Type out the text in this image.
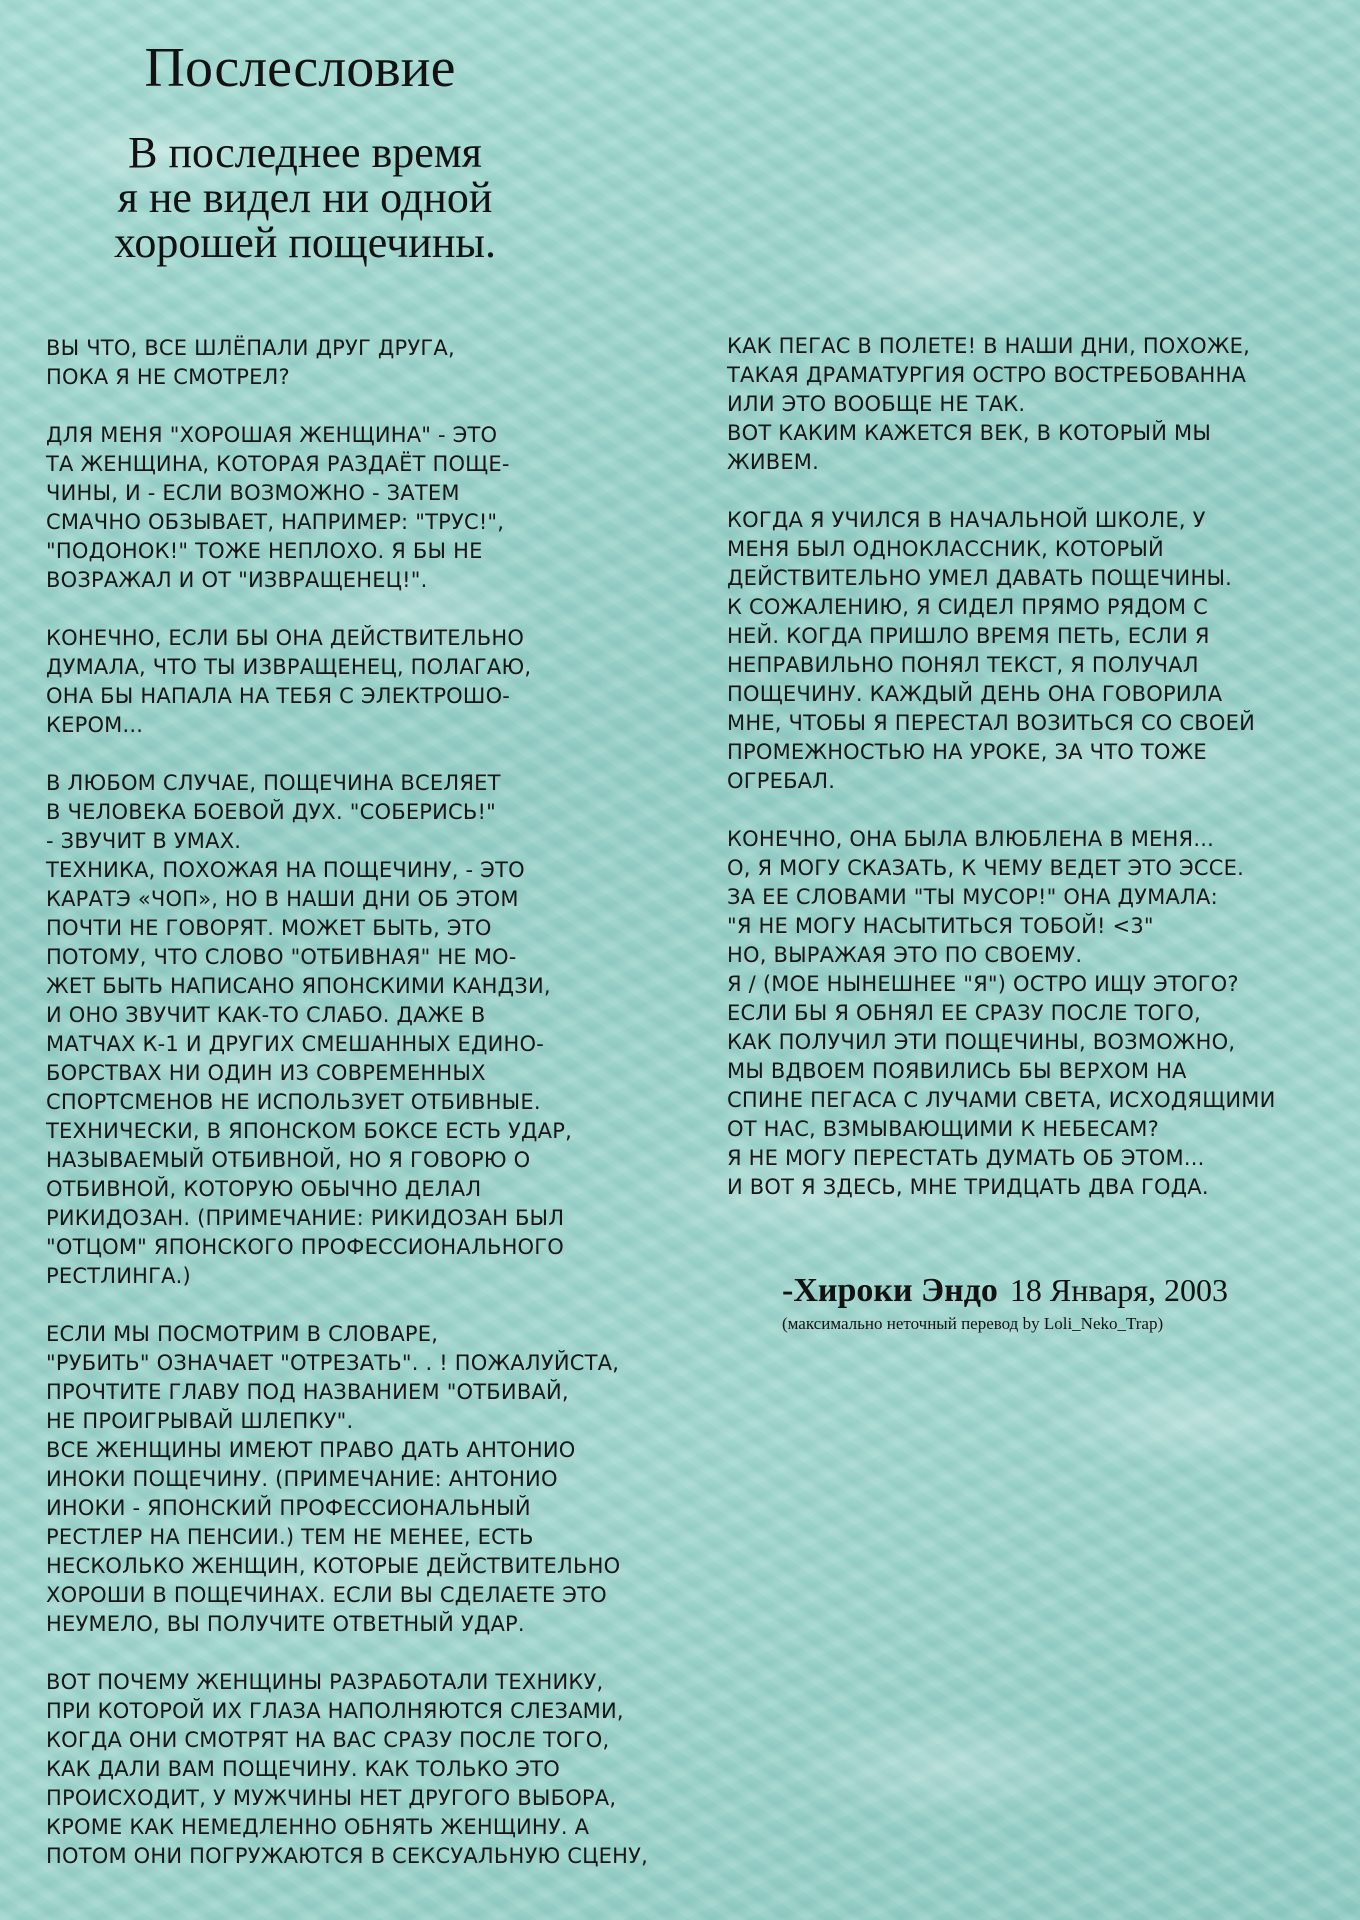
Послесловие
В последнее время
я не видел ни одной
хорошей пощечины.
ВЫ ЧТО, ВСЕ ШЛЁПАЛИ ДРУГ ДРУГА,
ПОКА Я НЕ СМОТРЕЛ?
ДЛЯ МЕНЯ "ХОРОШАЯ ЖЕНЩИНА" - ЭТО
ТА ЖЕНЩИНА, КОТОРАЯ РАЗДАЁТ ПОЩЕ-
ЧИНЫ, И - ЕСЛИ ВОЗМОЖНО - ЗАТЕМ
СМАЧНО ОБЗЫВАЕТ, НАПРИМЕР: "ТРУС!",
"ПОДОНОК!" ТОЖЕ НЕПЛОХО. Я БЫ НЕ
ВОЗРАЖАЛ И ОТ "ИЗВРАЩЕНЕЦ!".
КОНЕЧНО, ЕСЛИ БЫ ОНА ДЕЙСТВИТЕЛЬНО
ДУМАЛА, ЧТО ТЫ ИЗВРАЩЕНЕЦ, ПОЛАГАЮ,
ОНА БЫ НАПАЛА НА ТЕБЯ С ЭЛЕКТРОШО-
КЕРОМ...
В ЛЮБОМ СЛУЧАЕ, ПОЩЕЧИНА ВСЕЛЯЕТ
В ЧЕЛОВЕКА БОЕВОЙ ДУХ. "СОБЕРИСЬ!"
- ЗВУЧИТ В УМАХ.
ТЕХНИКА, ПОХОЖАЯ НА ПОЩЕЧИНУ, - ЭТО
КАРАТЭ «ЧОП», НО В НАШИ ДНИ ОБ ЭТОМ
ПОЧТИ НЕ ГОВОРЯТ. МОЖЕТ БЫТЬ, ЭТО
ПОТОМУ, ЧТО СЛОВО "ОТБИВНАЯ" НЕ МО-
ЖЕТ БЫТЬ НАПИСАНО ЯПОНСКИМИ КАНДЗИ,
И ОНО ЗВУЧИТ КАК-ТО СЛАБО. ДАЖЕ В
МАТЧАХ К-1 И ДРУГИХ СМЕШАННЫХ ЕДИНО-
БОРСТВАХ НИ ОДИН ИЗ СОВРЕМЕННЫХ
СПОРТСМЕНОВ НЕ ИСПОЛЬЗУЕТ ОТБИВНЫЕ.
ТЕХНИЧЕСКИ, В ЯПОНСКОМ БОКСЕ ЕСТЬ УДАР,
НАЗЫВАЕМЫЙ ОТБИВНОЙ, НО Я ГОВОРЮ О
ОТБИВНОЙ, КОТОРУЮ ОБЫЧНО ДЕЛАЛ
РИКИДОЗАН. (ПРИМЕЧАНИЕ: РИКИДОЗАН БЫЛ
"ОТЦОМ" ЯПОНСКОГО ПРОФЕССИОНАЛЬНОГО
РЕСТЛИНГА.)
ЕСЛИ МЫ ПОСМОТРИМ В СЛОВАРЕ,
"РУБИТЬ" ОЗНАЧАЕТ "ОТРЕЗАТЬ". . ! ПОЖАЛУЙСТА,
ПРОЧТИТЕ ГЛАВУ ПОД НАЗВАНИЕМ "ОТБИВАЙ,
НЕ ПРОИГРЫВАЙ ШЛЕПКУ".
ВСЕ ЖЕНЩИНЫ ИМЕЮТ ПРАВО ДАТЬ АНТОНИО
ИНОКИ ПОЩЕЧИНУ. (ПРИМЕЧАНИЕ: АНТОНИО
ИНОКИ - ЯПОНСКИЙ ПРОФЕССИОНАЛЬНЫЙ
РЕСТЛЕР НА ПЕНСИИ.) ТЕМ НЕ МЕНЕЕ, ЕСТЬ
НЕСКОЛЬКО ЖЕНЩИН, КОТОРЫЕ ДЕЙСТВИТЕЛЬНО
ХОРОШИ В ПОЩЕЧИНАХ. ЕСЛИ ВЫ СДЕЛАЕТЕ ЭТО
НЕУМЕЛО, ВЫ ПОЛУЧИТЕ ОТВЕТНЫЙ УДАР.
ВОТ ПОЧЕМУ ЖЕНЩИНЫ РАЗРАБОТАЛИ ТЕХНИКУ,
ПРИ КОТОРОЙ ИХ ГЛАЗА НАПОЛНЯЮТСЯ СЛЕЗАМИ,
КОГДА ОНИ СМОТРЯТ НА ВАС СРАЗУ ПОСЛЕ ТОГО,
КАК ДАЛИ ВАМ ПОЩЕЧИНУ. КАК ТОЛЬКО ЭТО
ПРОИСХОДИТ, У МУЖЧИНЫ НЕТ ДРУГОГО ВЫБОРА,
КРОМЕ КАК НЕМЕДЛЕННО ОБНЯТЬ ЖЕНЩИНУ. А
ПОТОМ ОНИ ПОГРУЖАЮТСЯ В СЕКСУАЛЬНУЮ СЦЕНУ,
КАК ПЕГАС В ПОЛЕТЕ! В НАШИ ДНИ, ПОХОЖЕ,
ТАКАЯ ДРАМАТУРГИЯ ОСТРО ВОСТРЕБОВАННА
ИЛИ ЭТО ВООБЩЕ НЕ ТАК.
ВОТ КАКИМ КАЖЕТСЯ ВЕК, В КОТОРЫЙ МЫ
ЖИВЕМ.
КОГДА Я УЧИЛСЯ В НАЧАЛЬНОЙ ШКОЛЕ, У
МЕНЯ БЫЛ ОДНОКЛАССНИК, КОТОРЫЙ
ДЕЙСТВИТЕЛЬНО УМЕЛ ДАВАТЬ ПОЩЕЧИНЫ.
К СОЖАЛЕНИЮ, Я СИДЕЛ ПРЯМО РЯДОМ С
НЕЙ. КОГДА ПРИШЛО ВРЕМЯ ПЕТЬ, ЕСЛИ Я
НЕПРАВИЛЬНО ПОНЯЛ ТЕКСТ, Я ПОЛУЧАЛ
ПОЩЕЧИНУ. КАЖДЫЙ ДЕНЬ ОНА ГОВОРИЛА
МНЕ, ЧТОБЫ Я ПЕРЕСТАЛ ВОЗИТЬСЯ СО СВОЕЙ
ПРОМЕЖНОСТЬЮ НА УРОКЕ, ЗА ЧТО ТОЖЕ
ОГРЕБАЛ.
КОНЕЧНО, ОНА БЫЛА ВЛЮБЛЕНА В МЕНЯ...
О, Я МОГУ СКАЗАТЬ, К ЧЕМУ ВЕДЕТ ЭТО ЭССЕ.
ЗА ЕЕ СЛОВАМИ "ТЫ МУСОР!" ОНА ДУМАЛА:
"Я НЕ МОГУ НАСЫТИТЬСЯ ТОБОЙ! <3"
НО, ВЫРАЖАЯ ЭТО ПО СВОЕМУ.
Я / (МОЕ НЫНЕШНЕЕ "Я") ОСТРО ИЩУ ЭТОГО?
ЕСЛИ БЫ Я ОБНЯЛ ЕЕ СРАЗУ ПОСЛЕ ТОГО,
КАК ПОЛУЧИЛ ЭТИ ПОЩЕЧИНЫ, ВОЗМОЖНО,
МЫ ВДВОЕМ ПОЯВИЛИСЬ БЫ ВЕРХОМ НА
СПИНЕ ПЕГАСА С ЛУЧАМИ СВЕТА, ИСХОДЯЩИМИ
ОТ НАС, ВЗМЫВАЮЩИМИ К НЕБЕСАМ?
Я НЕ МОГУ ПЕРЕСТАТЬ ДУМАТЬ ОБ ЭТОМ...
И ВОТ Я ЗДЕСЬ, МНЕ ТРИДЦАТЬ ДВА ГОДА.
-Хироки Эндо 18 Января, 2003
(максимально неточный перевод by Loli_Neko_Trap)
